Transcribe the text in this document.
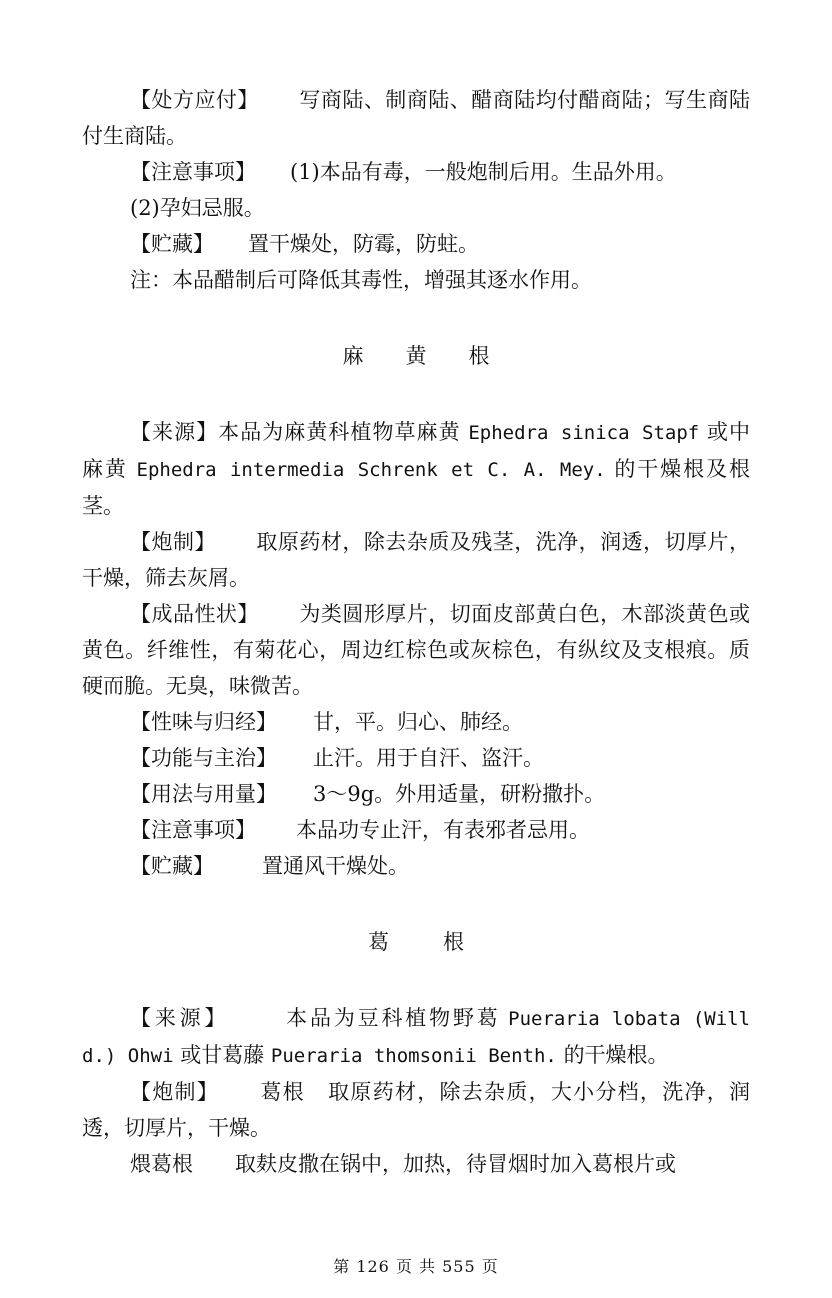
【处方应付】 写商陆、制商陆、醋商陆均付醋商陆；写生商陆付生商陆。

【注意事项】 (1)本品有毒，一般炮制后用。生品外用。

(2)孕妇忌服。

【贮藏】 置干燥处，防霉，防蛀。

注：本品醋制后可降低其毒性，增强其逐水作用。

麻 黄 根

【来源】本品为麻黄科植物草麻黄 Ephedra sinica Stapf 或中麻黄 Ephedra intermedia Schrenk et C. A. Mey. 的干燥根及根茎。

【炮制】 取原药材，除去杂质及残茎，洗净，润透，切厚片，干燥，筛去灰屑。

【成品性状】 为类圆形厚片，切面皮部黄白色，木部淡黄色或黄色。纤维性，有菊花心，周边红棕色或灰棕色，有纵纹及支根痕。质硬而脆。无臭，味微苦。

【性味与归经】 甘，平。归心、肺经。

【功能与主治】 止汗。用于自汗、盗汗。

【用法与用量】 3～9g。外用适量，研粉撒扑。

【注意事项】 本品功专止汗，有表邪者忌用。

【贮藏】 置通风干燥处。

葛	根

【来源】	本品为豆科植物野葛 Pueraria lobata (Willd.) Ohwi 或甘葛藤 Pueraria thomsonii Benth. 的干燥根。

【炮制】 葛根 取原药材，除去杂质，大小分档，洗净，润透，切厚片，干燥。

煨葛根 取麸皮撒在锅中，加热，待冒烟时加入葛根片或

第 126 页 共 555 页
